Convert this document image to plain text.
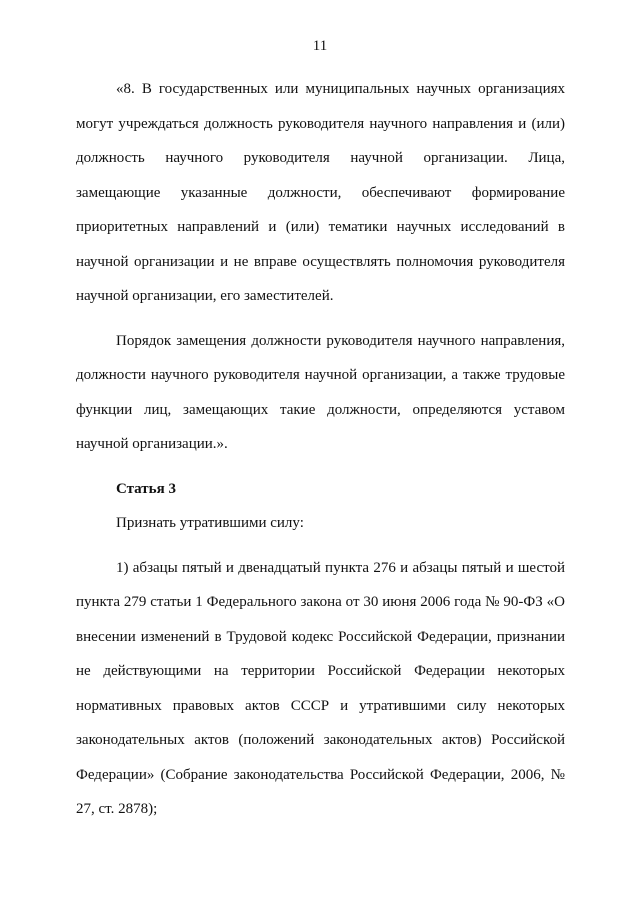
11

«8. В государственных или муниципальных научных организациях могут учреждаться должность руководителя научного направления и (или) должность научного руководителя научной организации. Лица, замещающие указанные должности, обеспечивают формирование приоритетных направлений и (или) тематики научных исследований в научной организации и не вправе осуществлять полномочия руководителя научной организации, его заместителей.

Порядок замещения должности руководителя научного направления, должности научного руководителя научной организации, а также трудовые функции лиц, замещающих такие должности, определяются уставом научной организации.».

Статья 3

Признать утратившими силу:

1) абзацы пятый и двенадцатый пункта 276 и абзацы пятый и шестой пункта 279 статьи 1 Федерального закона от 30 июня 2006 года № 90-ФЗ «О внесении изменений в Трудовой кодекс Российской Федерации, признании не действующими на территории Российской Федерации некоторых нормативных правовых актов СССР и утратившими силу некоторых законодательных актов (положений законодательных актов) Российской Федерации» (Собрание законодательства Российской Федерации, 2006, № 27, ст. 2878);
